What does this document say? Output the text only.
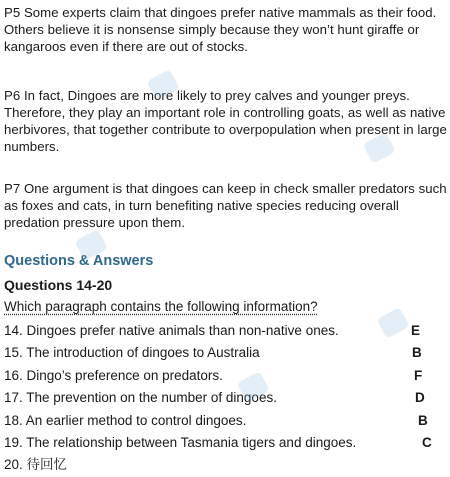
P5 Some experts claim that dingoes prefer native mammals as their food. Others believe it is nonsense simply because they won’t hunt giraffe or kangaroos even if there are out of stocks.

P6 In fact, Dingoes are more likely to prey calves and younger preys. Therefore, they play an important role in controlling goats, as well as native herbivores, that together contribute to overpopulation when present in large numbers.

P7 One argument is that dingoes can keep in check smaller predators such as foxes and cats, in turn benefiting native species reducing overall predation pressure upon them.

Questions & Answers
Questions 14-20

Which paragraph contains the following information?

14. Dingoes prefer native animals than non-native ones.	E
15. The introduction of dingoes to Australia	B
16. Dingo’s preference on predators.	F
17. The prevention on the number of dingoes.	D
18. An earlier method to control dingoes.	B
19. The relationship between Tasmania tigers and dingoes.	C
20. 待回忆
